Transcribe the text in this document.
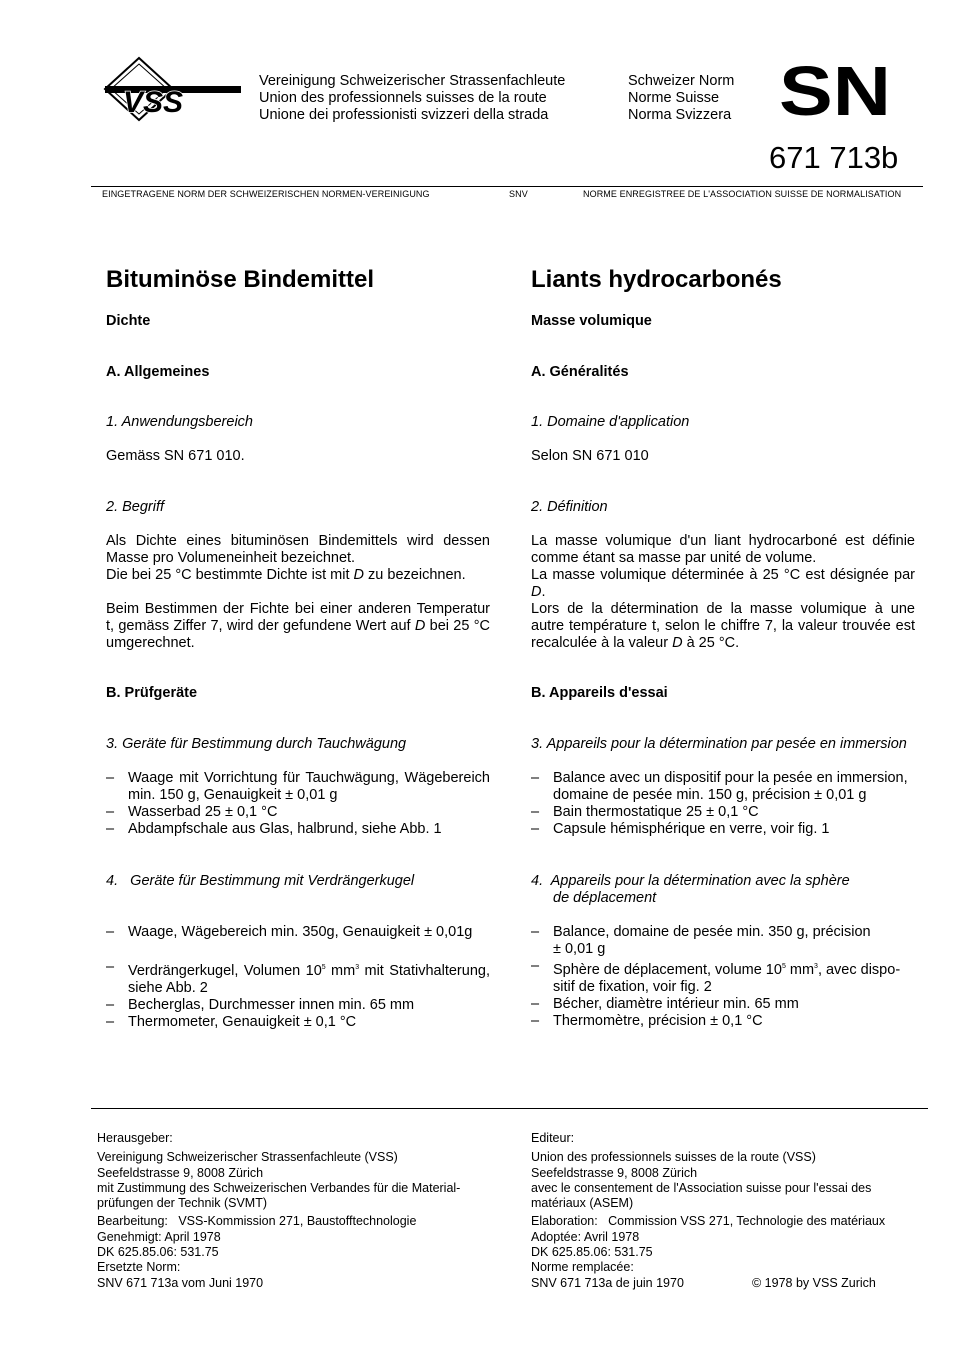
VSS
Vereinigung Schweizerischer Strassenfachleute
Union des professionnels suisses de la route
Unione dei professionisti svizzeri della strada
Schweizer Norm
Norme Suisse
Norma Svizzera SN
671 713b
EINGETRAGENE NORM DER SCHWEIZERISCHEN NORMEN-VEREINIGUNG	SNV	NORME ENREGISTREE DE L'ASSOCIATION SUISSE DE NORMALISATION
Bituminöse Bindemittel
Dichte
A. Allgemeines
1. Anwendungsbereich
Gemäss SN 671 010.
2. Begriff
Als Dichte eines bituminösen Bindemittels wird dessen Masse pro Volumeneinheit bezeichnet.
Die bei 25 °C bestimmte Dichte ist mit D zu bezeichnen.
Beim Bestimmen der Fichte bei einer anderen Temperatur t, gemäss Ziffer 7, wird der gefundene Wert auf D bei 25 °C umgerechnet.
B. Prüfgeräte
3. Geräte für Bestimmung durch Tauchwägung
– Waage mit Vorrichtung für Tauchwägung, Wägebereich min. 150 g, Genauigkeit ± 0,01 g
– Wasserbad 25 ± 0,1 °C
– Abdampfschale aus Glas, halbrund, siehe Abb. 1
4.   Geräte für Bestimmung mit Verdrängerkugel
– Waage, Wägebereich min. 350g, Genauigkeit ± 0,01g
– Verdrängerkugel, Volumen $10^5$ $mm^3$ mit Stativhalterung, siehe Abb. 2
– Becherglas, Durchmesser innen min. 65 mm
– Thermometer, Genauigkeit ± 0,1 °C
Liants hydrocarbonés
Masse volumique
A. Généralités
1. Domaine d'application
Selon SN 671 010
2. Définition
La masse volumique d'un liant hydrocarboné est définie comme étant sa masse par unité de volume.
La masse volumique déterminée à 25 °C est désignée par D.
Lors de la détermination de la masse volumique à une autre température t, selon le chiffre 7, la valeur trouvée est recalculée à la valeur D à 25 °C.
B. Appareils d'essai
3. Appareils pour la détermination par pesée en immersion
– Balance avec un dispositif pour la pesée en immersion, domaine de pesée min. 150 g, précision ± 0,01 g
– Bain thermostatique 25 ± 0,1 °C
– Capsule hémisphérique en verre, voir fig. 1
4.  Appareils pour la détermination avec la sphère
de déplacement
– Balance, domaine de pesée min. 350 g, précision ± 0,01 g
– Sphère de déplacement, volume $10^5$ $mm^3$, avec dispositif de fixation, voir fig. 2
– Bécher, diamètre intérieur min. 65 mm
– Thermomètre, précision ± 0,1 °C
Herausgeber:
Vereinigung Schweizerischer Strassenfachleute (VSS)
Seefeldstrasse 9, 8008 Zürich
mit Zustimmung des Schweizerischen Verbandes für die Material-
prüfungen der Technik (SVMT)
Bearbeitung: VSS-Kommission 271, Baustofftechnologie
Genehmigt: April 1978
DK 625.85.06: 531.75
Ersetzte Norm:
SNV 671 713a vom Juni 1970
Editeur:
Union des professionnels suisses de la route (VSS)
Seefeldstrasse 9, 8008 Zürich
avec le consentement de l'Association suisse pour l'essai des
matériaux (ASEM)
Elaboration: Commission VSS 271, Technologie des matériaux
Adoptée: Avril 1978
DK 625.85.06: 531.75
Norme remplacée:
SNV 671 713a de juin 1970	© 1978 by VSS Zurich
